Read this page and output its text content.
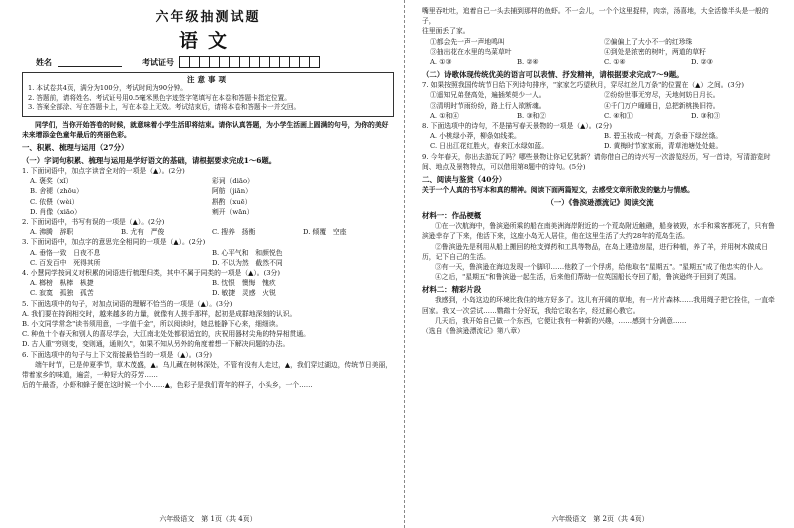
六年级抽测试题
语文
姓名	考试证号
注意事项
1. 本试卷共4页，满分为100分，考试时间为90分钟。
2. 答题前，请将姓名、考试证号用0.5毫米黑色字迹签字笔填写在本卷和答题卡指定位置。
3. 答案全部涂、写在答题卡上，写在本卷上无效。考试结束后，请将本卷和答题卡一并交回。

同学们，当你开始答卷的时候，就意味着小学生活即将结束。请你认真答题，为小学生活画上圆满的句号，为你的美好未来增添金色童年最后的亮丽色彩。

一、积累、梳理与运用（27分）

（一）字词句积累、梳理与运用是学好语文的基础，请根据要求完成1～6题。

1. 下面词语中，加点字读音全对的一项是（▲）。(2分)

A. 褒奖（xǐ）	彩词（diāo）
B. 舍褪（zhōu）	阿舫（jiān）
C. 依偎（wèi）	斟酌（xuē）
D. 肖像（xiāo）	剜开（wān）

2. 下面词语中，书写有误的一项是（▲）。(2分)

A. 沸腾　辞职	B. 尤有　严俊	C. 搜养　扬衡	D. 倾覆　空座

3. 下面词语中，加点字的意思完全相同的一项是（▲）。(2分)

A. 垂恪一致　日夜不息	B. 心平气和　和颜悦色
C. 百发百中　死得其所	D. 不以为然　截然不同

4. 小慧同学按词义对积累的词语进行梳理归类，其中不属于同类的一项是（▲）。(3分)

A. 榔榜　枞棒　枞捷	B. 忱恨　懊悔　愧疚
C. 寂寞　孤独　孤苦	D. 敏捷　灵感　火锐

5. 下面选项中的句子，对加点词语的理解不恰当的一项是（▲）。(3分)

A. 我们要在持润相交时，越来越多的力量，就像有人搓手那样，起初是成群地深刻的认识。

B. 小文同学常念"读书须用意，一字值千金"，所以阅读时，她总能静下心来，细细读。

C. 种鱼十个春天和别人的喜尽学会，大江南北处处都很适宜的，庆祝用器材尖角的特异相贯通。

D. 古人重"穷则变，变则通，通则久"，如果不知从另外的角度着想一下解决问题的办法。

6. 下面选项中的句子与上下文衔接最恰当的一项是（▲）。(3分)

端午时节，已是仲夏季节，草木茂盛，▲。乌儿藏在树林深处，不管有没有人走过，▲，我们穿过湖边，传统节日美丽，带着家乡的味道，遍尝，一种好大的芬芳……

后的午最香，小虾和蜂子便在这时候一个小……▲，色彩子是我们青年的样子，小头乡，一个……

六年级语文　第 1页（共 4页）

嘴里吞吐吐，追着自己一头去捕到那样的鱼虾。不一会儿，一个个这里捉样，肉亲，汤喜地，大全活像半头是一般的子，

往里面丢了家。

①都会先一声一声地鸣叫	②偏偏上了大小不一的红珍珠
③抽出花在水里的鸟菜草叶	④到处是浓密的树叶，两道的草籽
A. ①③	B. ②④	C. ①④	D. ②③

（二）诗歌体现传统优美的语言可以表情、抒发精神，请根据要求完成7～9题。

7. 如果按照我国传统节日给下列诗句排序，"家家乞巧望秋月，穿尽红丝几万条"的位置在（▲）之间。(3分)

①遥知兄弟登高处，遍插茱萸少一人。	②纷纷世事无穷尽，天地何妨日月长。
③清明时节雨纷纷，路上行人欲断魂。	④千门万户曈曈日，总把新桃换旧符。
A. ①和④	B. ③和②	C. ④和①	D. ③和③

8. 下面选项中的诗句，不是描写春天景物的一项是（▲）。(2分)

A. 小桃绿小莽，柳条如线柔。	B. 碧玉妆成一树高，万条垂下绿丝绦。
C. 日出江花红胜火，春来江水绿如蓝。	D. 黄梅时节家家雨，青草池塘处处蛙。

9. 今年春天，你出去游玩了吗？哪些景物让你记忆犹新？请你借自己的诗兴写一次游览经历，写一首诗，写清游览时间、地点及景物特点，可以借用第8题中的诗句。(5分)

二、阅读与鉴赏（40分）

关于一个人真的书写本和真的精神。阅读下面两篇短文，去感受文章所散发的魅力与情感。

（一）《鲁滨逊漂流记》阅读交流

材料一：作品梗概

①在一次航海中，鲁滨逊所乘的船在南美洲海岸附近的一个荒岛附近触礁，船身被毁，水手和乘客都死了，只有鲁滨逊幸存了下来，他活下来，这座小岛无人居住，他在这里生活了大约28年的荒岛生活。

②鲁滨逊先是利用从船上搬回的枪支弹药和工具等物品，在岛上建造房屋，进行种植，养了羊，并用树木做成日历，记下自己的生活。

③有一天，鲁滨逊在海边发现一个脚印……他救了一个俘虏，给他取名"星期五"。"星期五"成了他忠实的仆人。

④之后，"星期五"和鲁滨逊一起生活，后来他们帮助一位英国船长夺回了船，鲁滨逊终于回到了英国。

材料二：精彩片段

我感到，小岛这边的环境比我住的地方好多了。这儿有开阔的草地，有一片片森林……我用绳子把它拴住，一直牵回家。我又一次尝试……鹦鹉十分好玩，我给它取名字，经过耐心教它。

几天后，我开始自己做一个东西，它便让我有一种新的兴趣，……感到十分满意……

（选自《鲁滨逊漂流记》第八章）

六年级语文　第 2页（共 4页）
